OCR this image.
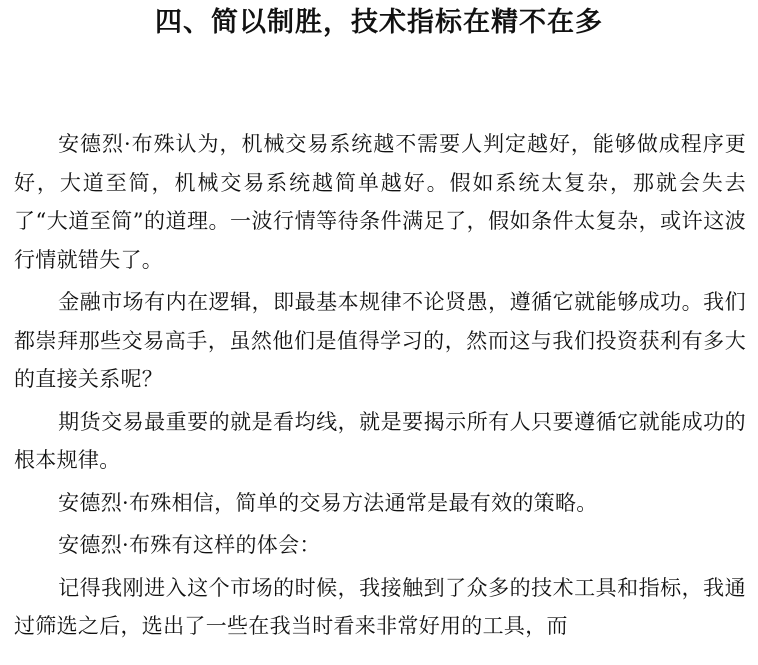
四、简以制胜，技术指标在精不在多

安德烈·布殊认为，机械交易系统越不需要人判定越好，能够做成程序更好，大道至简，机械交易系统越简单越好。假如系统太复杂，那就会失去了“大道至简”的道理。一波行情等待条件满足了，假如条件太复杂，或许这波行情就错失了。

金融市场有内在逻辑，即最基本规律不论贤愚，遵循它就能够成功。我们都崇拜那些交易高手，虽然他们是值得学习的，然而这与我们投资获利有多大的直接关系呢？

期货交易最重要的就是看均线，就是要揭示所有人只要遵循它就能成功的根本规律。

安德烈·布殊相信，简单的交易方法通常是最有效的策略。

安德烈·布殊有这样的体会：

记得我刚进入这个市场的时候，我接触到了众多的技术工具和指标，我通过筛选之后，选出了一些在我当时看来非常好用的工具，而
